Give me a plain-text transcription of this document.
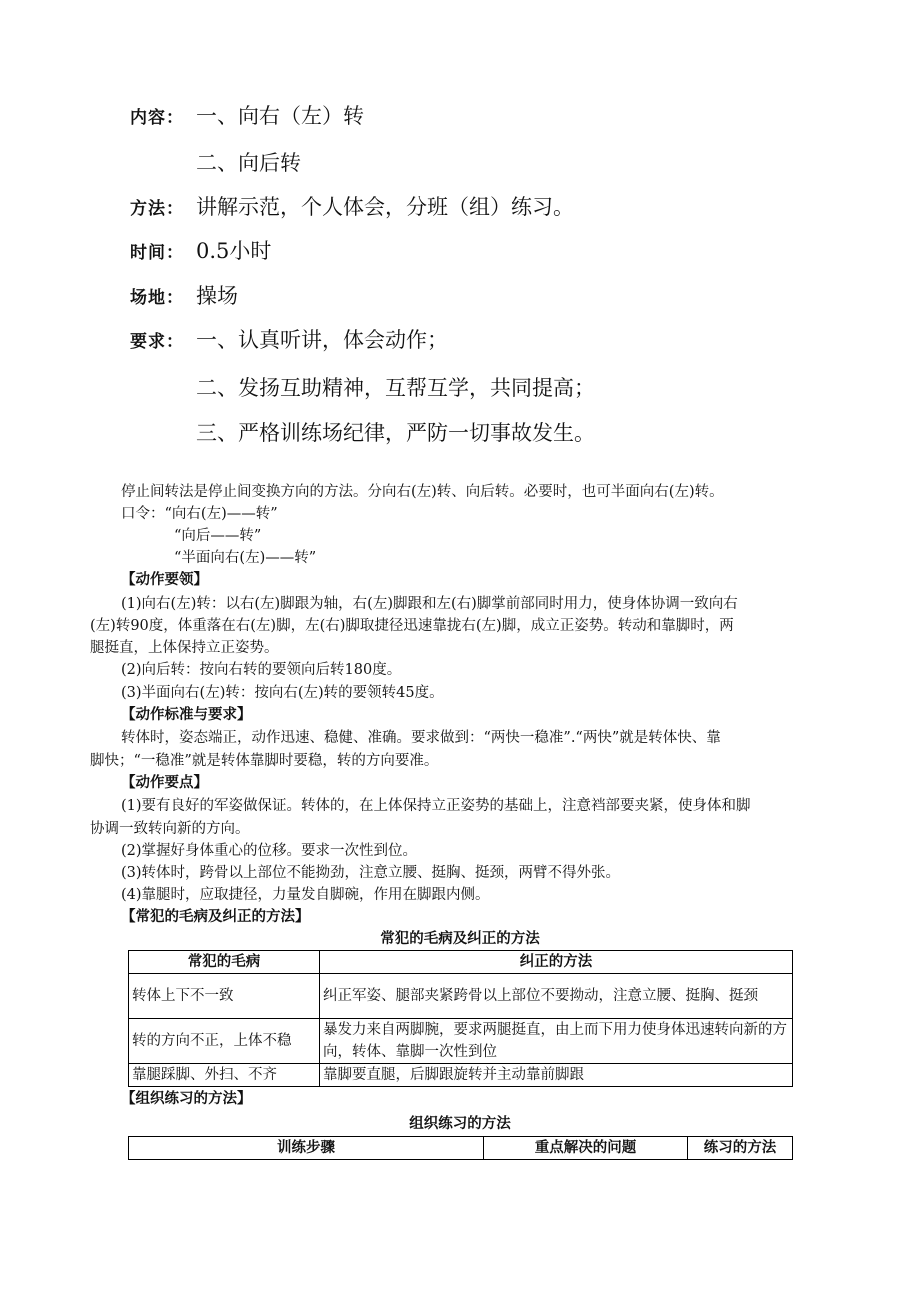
内容： 一、向右（左）转
二、向后转
方法： 讲解示范，个人体会，分班（组）练习。
时间： 0.5小时
场地： 操场
要求： 一、认真听讲，体会动作；
二、发扬互助精神，互帮互学，共同提高；
三、严格训练场纪律，严防一切事故发生。
停止间转法是停止间变换方向的方法。分向右(左)转、向后转。必要时，也可半面向右(左)转。
口令：“向右(左)——转”
“向后——转”
“半面向右(左)——转”
【动作要领】
(1)向右(左)转：以右(左)脚跟为轴，右(左)脚跟和左(右)脚掌前部同时用力，使身体协调一致向右
(左)转90度，体重落在右(左)脚，左(右)脚取捷径迅速靠拢右(左)脚，成立正姿势。转动和靠脚时，两
腿挺直，上体保持立正姿势。
(2)向后转：按向右转的要领向后转180度。
(3)半面向右(左)转：按向右(左)转的要领转45度。
【动作标准与要求】
转体时，姿态端正，动作迅速、稳健、准确。要求做到：“两快一稳准”.“两快”就是转体快、靠
脚快；“一稳准”就是转体靠脚时要稳，转的方向要准。
【动作要点】
(1)要有良好的军姿做保证。转体的，在上体保持立正姿势的基础上，注意裆部要夹紧，使身体和脚
协调一致转向新的方向。
(2)掌握好身体重心的位移。要求一次性到位。
(3)转体时，跨骨以上部位不能拗劲，注意立腰、挺胸、挺颈，两臂不得外张。
(4)靠腿时，应取捷径，力量发自脚碗，作用在脚跟内侧。
【常犯的毛病及纠正的方法】
常犯的毛病及纠正的方法
常犯的毛病	纠正的方法
转体上下不一致	纠正军姿、腿部夹紧跨骨以上部位不要拗动，注意立腰、挺胸、挺颈
转的方向不正，上体不稳	暴发力来自两脚腕，要求两腿挺直，由上而下用力使身体迅速转向新的方向，转体、靠脚一次性到位
靠腿踩脚、外扫、不齐	靠脚要直腿，后脚跟旋转并主动靠前脚跟
【组织练习的方法】
组织练习的方法
训练步骤	重点解决的问题	练习的方法
